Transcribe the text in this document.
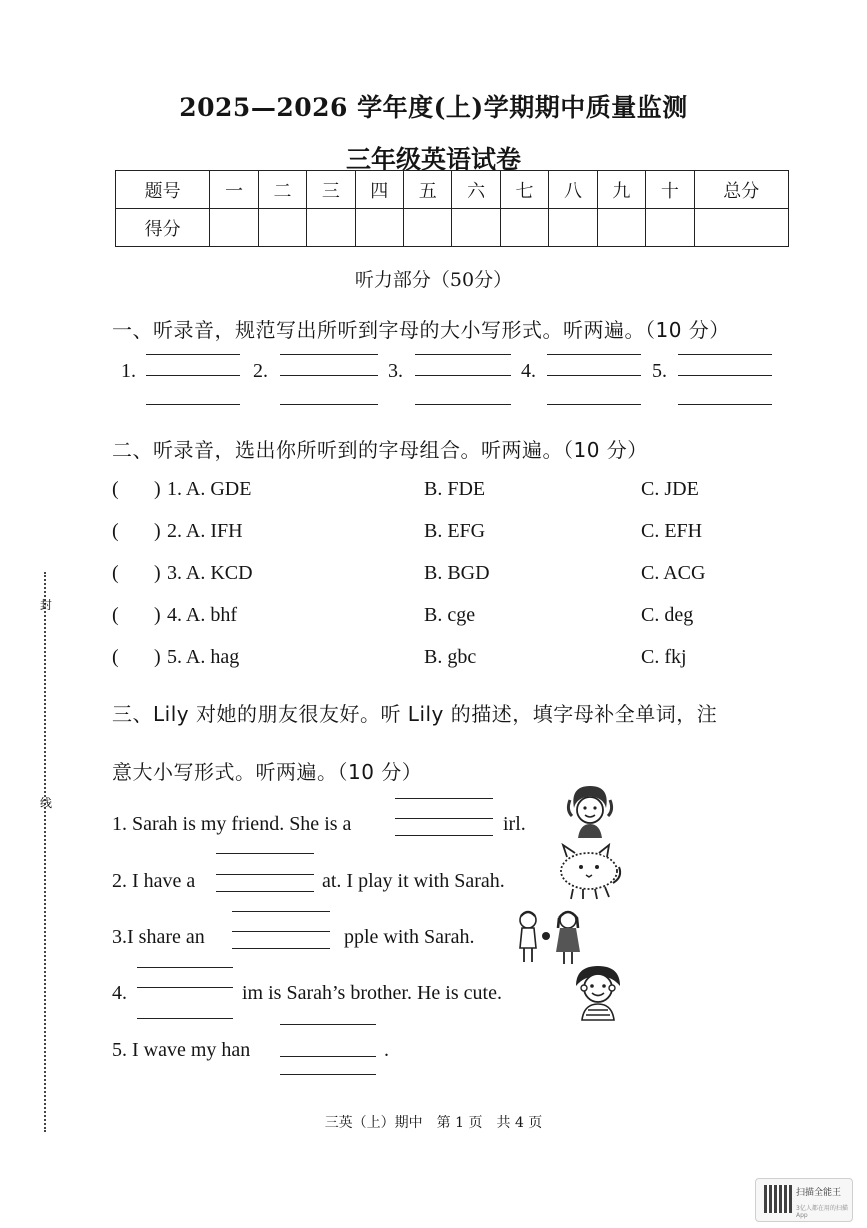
2025—2026 学年度(上)学期期中质量监测
三年级英语试卷
题号	一	二	三	四	五	六	七	八	九	十	总分
得分											
听力部分（50分）
一、听录音，规范写出所听到字母的大小写形式。听两遍。（10 分）
1.	2.	3.	4.	5.
二、听录音，选出你所听到的字母组合。听两遍。（10 分）
( ) 1. A. GDE	B. FDE	C. JDE
( ) 2. A. IFH	B. EFG	C. EFH
( ) 3. A. KCD	B. BGD	C. ACG
( ) 4. A. bhf	B. cge	C. deg
( ) 5. A. hag	B. gbc	C. fkj
三、Lily 对她的朋友很友好。听 Lily 的描述，填字母补全单词，注
意大小写形式。听两遍。（10 分）
1. Sarah is my friend. She is a	irl.
2. I have a	at. I play it with Sarah.
3.I share an	pple with Sarah.
4.	im is Sarah’s brother. He is cute.
5. I wave my han	.
封
线
三英（上）期中　第 1 页　共 4 页
扫描全能王
3亿人都在用的扫描App
